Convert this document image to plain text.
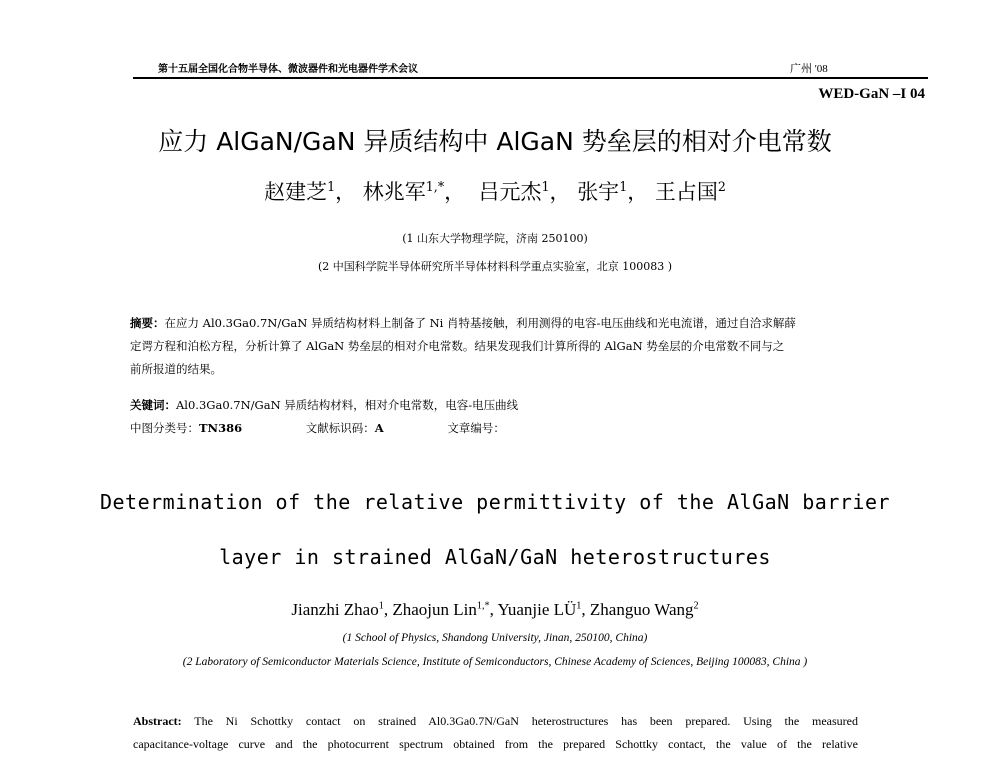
第十五届全国化合物半导体、微波器件和光电器件学术会议	广州 '08
WED-GaN –I 04
应力 AlGaN/GaN 异质结构中 AlGaN 势垒层的相对介电常数
赵建芝$^1$， 林兆军$^{1,*}$，  吕元杰$^1$， 张宇$^1$， 王占国$^2$
(1 山东大学物理学院，济南 250100)
(2 中国科学院半导体研究所半导体材料科学重点实验室，北京 100083 )
摘要：在应力 Al0.3Ga0.7N/GaN 异质结构材料上制备了 Ni 肖特基接触，利用测得的电容-电压曲线和光电流谱，通过自洽求解薛
定谔方程和泊松方程，分析计算了 AlGaN 势垒层的相对介电常数。结果发现我们计算所得的 AlGaN 势垒层的介电常数不同与之
前所报道的结果。
关键词：Al0.3Ga0.7N/GaN 异质结构材料，相对介电常数，电容-电压曲线
中图分类号：TN386	文献标识码：A	文章编号：
Determination of the relative permittivity of the AlGaN barrier
layer in strained AlGaN/GaN heterostructures
Jianzhi Zhao$^1$, Zhaojun Lin$^{1,*}$, Yuanjie $LÜ^1$, Zhanguo Wang$^2$
(1 School of Physics, Shandong University, Jinan, 250100, China)
(2 Laboratory of Semiconductor Materials Science, Institute of Semiconductors, Chinese Academy of Sciences, Beijing 100083, China )
Abstract: The Ni Schottky contact on strained Al0.3Ga0.7N/GaN heterostructures has been prepared. Using the measured
capacitance-voltage curve and the photocurrent spectrum obtained from the prepared Schottky contact, the value of the relative
